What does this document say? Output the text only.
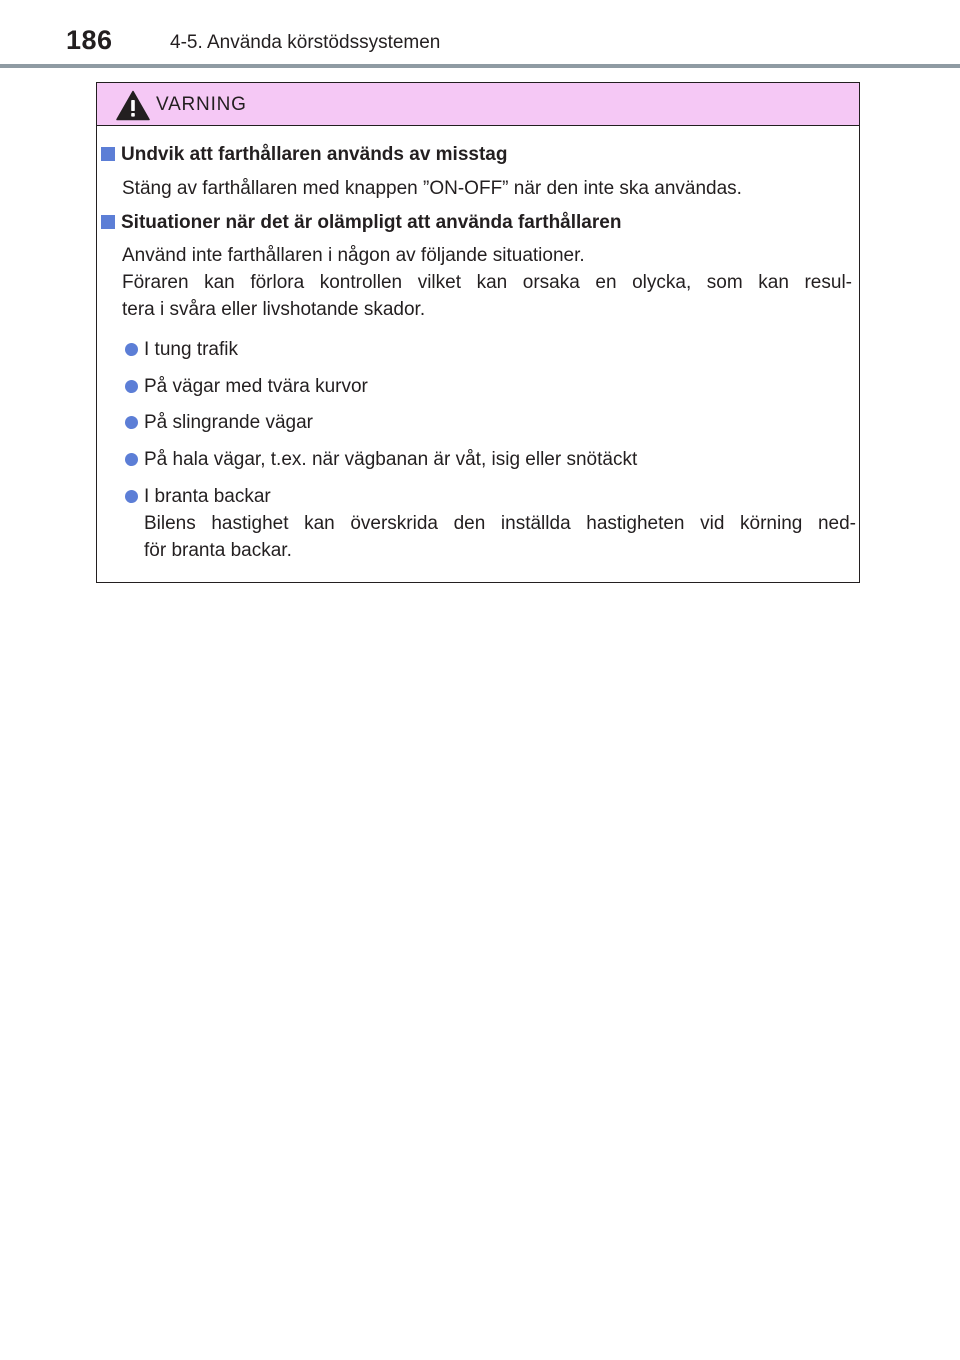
186	4-5. Använda körstödssystemen
VARNING
Undvik att farthållaren används av misstag
Stäng av farthållaren med knappen ”ON-OFF” när den inte ska användas.
Situationer när det är olämpligt att använda farthållaren
Använd inte farthållaren i någon av följande situationer.
Föraren kan förlora kontrollen vilket kan orsaka en olycka, som kan resul-
tera i svåra eller livshotande skador.
I tung trafik
På vägar med tvära kurvor
På slingrande vägar
På hala vägar, t.ex. när vägbanan är våt, isig eller snötäckt
I branta backar
Bilens hastighet kan överskrida den inställda hastigheten vid körning ned-
för branta backar.
